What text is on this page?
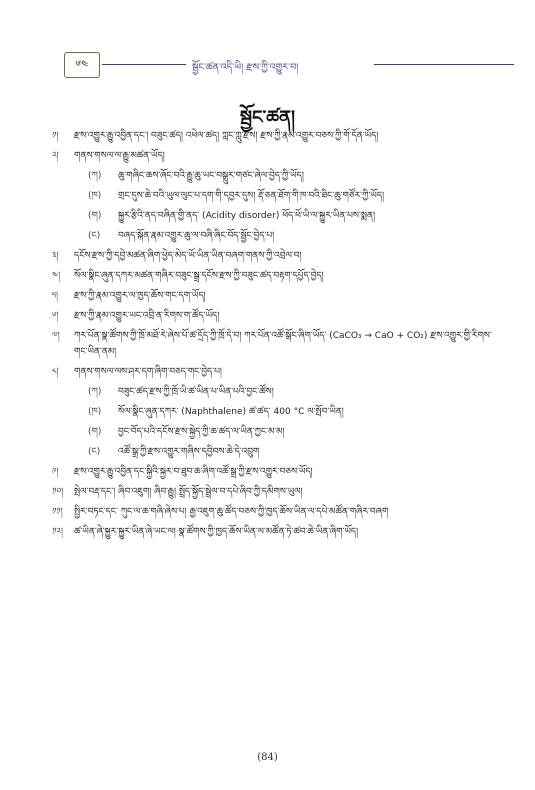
༦༤	སྦྱོང་ཚན་འདི་ཡི། རྫས་ཀྱི་འགྱུར་བ།
སྦྱོང་ཚན།
༡།	རྫས་འགྱུར་རྒྱུ་འབྱིན་དང་། བཟུང་ཚད། འཕེལ་ཚད། ཀླང་ཀླུ་རྫས། རྫས་ཀྱི་རྣམ་འགྱུར་བཅས་ཀྱི་གོ་དོན་ཡོད།
༢།	གནས་གསལ་ལ་རྒྱུ་མཚན་ཡོད།
(ཀ)	ཆུ་གཞིང་ཆས་ཞོང་བའི་རྒྱུ་ཆུ་ཡང་བསྒྲུར་གཙང་ཞེལ་བྱེད་ཀྱི་ཡོད།
(ཁ)	གྲང་དུས་ཆེ་བའི་ཡུལ་ལུང་པ་དག་གི་དབྱར་དུས། རྡོ་ཅན་ཐོག་གི་ཁ་བའི་ཐིང་ཆུ་གཙོར་ཀྱི་ཡོད།
(ག)	སྐྱུར་རྩིའི་ནད་བཞིན་གྱི་ནད་ (Acidity disorder) ཕོད་ཕོ་ཡི་ལ་སྐྱུར་ཡིན་པས་སྨན།
(ང)	བཞད་སྐོན་རྣམ་འགྱུར་ཆུ་ལ་བཞི་ཞིང་བོད་སྦྱོང་བྱེད་པ།
༣།	དངོས་རྫས་ཀྱི་དབྱེ་མཚན་ཞིག་ཕྱེད་མེད་ཡོ་ཡིན་ཡིན་བཞག་གནས་ཀྱི་འབྲེལ་བ།
༤།	སོལ་སྣིང་ཞུན་དཀར་མཚན་གཞིར་བཟུང་སྒྲ་དངོས་རྫས་ཀྱི་བཟུང་ཚད་བརྟག་དཔྱོད་བྱེད།
༥།	རྫས་ཀྱི་རྣམ་འགྱུར་ལ་ཁྱད་ཆོས་གང་དག་ཡོད།
༦།	རྫས་ཀྱི་རྣམ་འགྱུར་ཡང་འབྲི་ན་རིགས་ག་ཚོད་ཡོད།
༧།	ཀར་པོན་སྣ་ཚོགས་ཀྱི་ཁྲོ་མཐོ་རེ་ཞེས་པོ་ཚ་དྲོད་ཀྱི་ཁྲོ་དེ་བ། ཀར་པོན་འཚོ་སྒོང་ཞིག་ཡོད་ (CaCO₃ → CaO + CO₂) རྫས་འགྱུར་གྱི་རིགས་གང་ཡིན་ནམ།
༨།	གནས་གསལ་ལས་ཤར་དག་ཞིག་བཅད་གང་བྱེད་པ།
(ཀ)	བཟུང་ཚད་རྫས་ཀྱི་ཁྲོ་ཡི་ཚ་ཡིན་པ་ཡིན་པའི་བྱང་ཚོས།
(ཁ)	སོལ་སྣིང་ཞུན་དཀར་ (Naphthalene) ཚ་ཚད་ 400 °C ལ་སྤོབ་ཡིན།
(ག)	བྱང་བོད་པའི་དངོས་རྫས་སྐྱེད་ཀྱི་ཆ་ཚད་ལ་ཡིན་ཀྱང་མ་མ།
(ང)	འཚོ་སྒྲ་ཀྱི་རྫས་འགྱུར་གཞིས་དབྱིབས་ཆེ་དེ་འབྲུག
༩།	རྫས་འགྱུར་རྒྱུ་འབྱིན་དང་སྐྱིའི་སྐྱར་བ་ཐུབ་ཆ་ཞིག་འཚོ་སྒྲ་ཀྱི་རྫས་འགྱུར་བཅས་ཡོད།
༡༠།	སྤེལ་བརྡ་དང་། ཞིབ་འཇུག། ཞིབ་རྒྱུ། སྤྲོད་སྐྱོད་སྦྲེལ་བ་དཔེ་ཞིབ་ཀྱི་དམིགས་ཡུལ།
༡༡།	སྤྱིར་བཏང་དང་ ཀུང་ལ་ཆ་གཞི་ཞེས་པ། རྒྱ་འཇུག་ཆུ་ཚོད་བཅས་ཀྱི་ཁྱད་ཆོས་ཡིན་ལ་དཔེ་མཚོན་གཞིར་བཞག
༡༢།	ཚ་ཡིན་ཞེ་སྐྱུར་སྐྱུར་ཡིན་ཞེ་ཡང་ལ། སྣ་ཚོགས་ཀྱི་ཁྱད་ཆོས་ཡིན་ལ་མཚོན་ཏེ་ཚབ་ཆེ་ཡིན་ཞིག་ཡོད།
(84)
